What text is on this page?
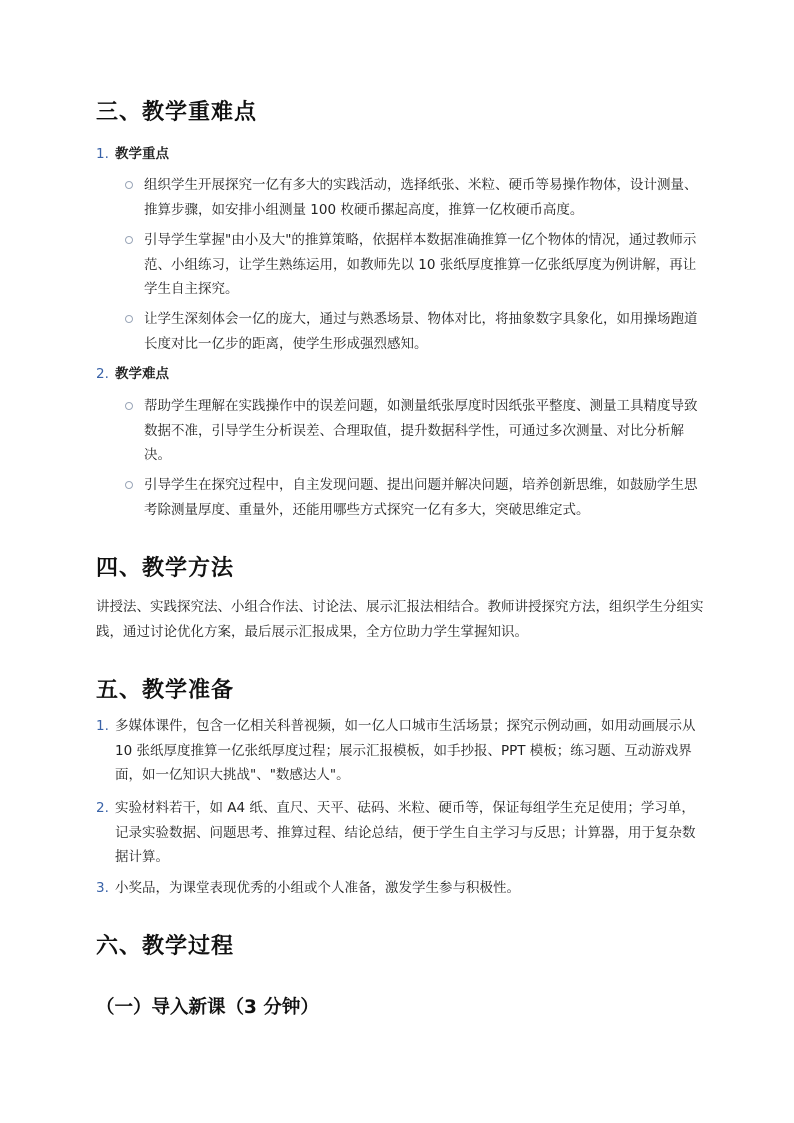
三、教学重难点
1. 教学重点

组织学生开展探究一亿有多大的实践活动，选择纸张、米粒、硬币等易操作物体，设计测量、推算步骤，如安排小组测量 100 枚硬币摞起高度，推算一亿枚硬币高度。

引导学生掌握"由小及大"的推算策略，依据样本数据准确推算一亿个物体的情况，通过教师示范、小组练习，让学生熟练运用，如教师先以 10 张纸厚度推算一亿张纸厚度为例讲解，再让学生自主探究。

让学生深刻体会一亿的庞大，通过与熟悉场景、物体对比，将抽象数字具象化，如用操场跑道长度对比一亿步的距离，使学生形成强烈感知。

2. 教学难点

帮助学生理解在实践操作中的误差问题，如测量纸张厚度时因纸张平整度、测量工具精度导致数据不准，引导学生分析误差、合理取值，提升数据科学性，可通过多次测量、对比分析解决。

引导学生在探究过程中，自主发现问题、提出问题并解决问题，培养创新思维，如鼓励学生思考除测量厚度、重量外，还能用哪些方式探究一亿有多大，突破思维定式。

四、教学方法

讲授法、实践探究法、小组合作法、讨论法、展示汇报法相结合。教师讲授探究方法，组织学生分组实践，通过讨论优化方案，最后展示汇报成果，全方位助力学生掌握知识。

五、教学准备
1. 多媒体课件，包含一亿相关科普视频，如一亿人口城市生活场景；探究示例动画，如用动画展示从 10 张纸厚度推算一亿张纸厚度过程；展示汇报模板，如手抄报、PPT 模板；练习题、互动游戏界面，如一亿知识大挑战"、"数感达人"。

2. 实验材料若干，如 A4 纸、直尺、天平、砝码、米粒、硬币等，保证每组学生充足使用；学习单，记录实验数据、问题思考、推算过程、结论总结，便于学生自主学习与反思；计算器，用于复杂数据计算。

3. 小奖品，为课堂表现优秀的小组或个人准备，激发学生参与积极性。

六、教学过程
（一）导入新课（3 分钟）
